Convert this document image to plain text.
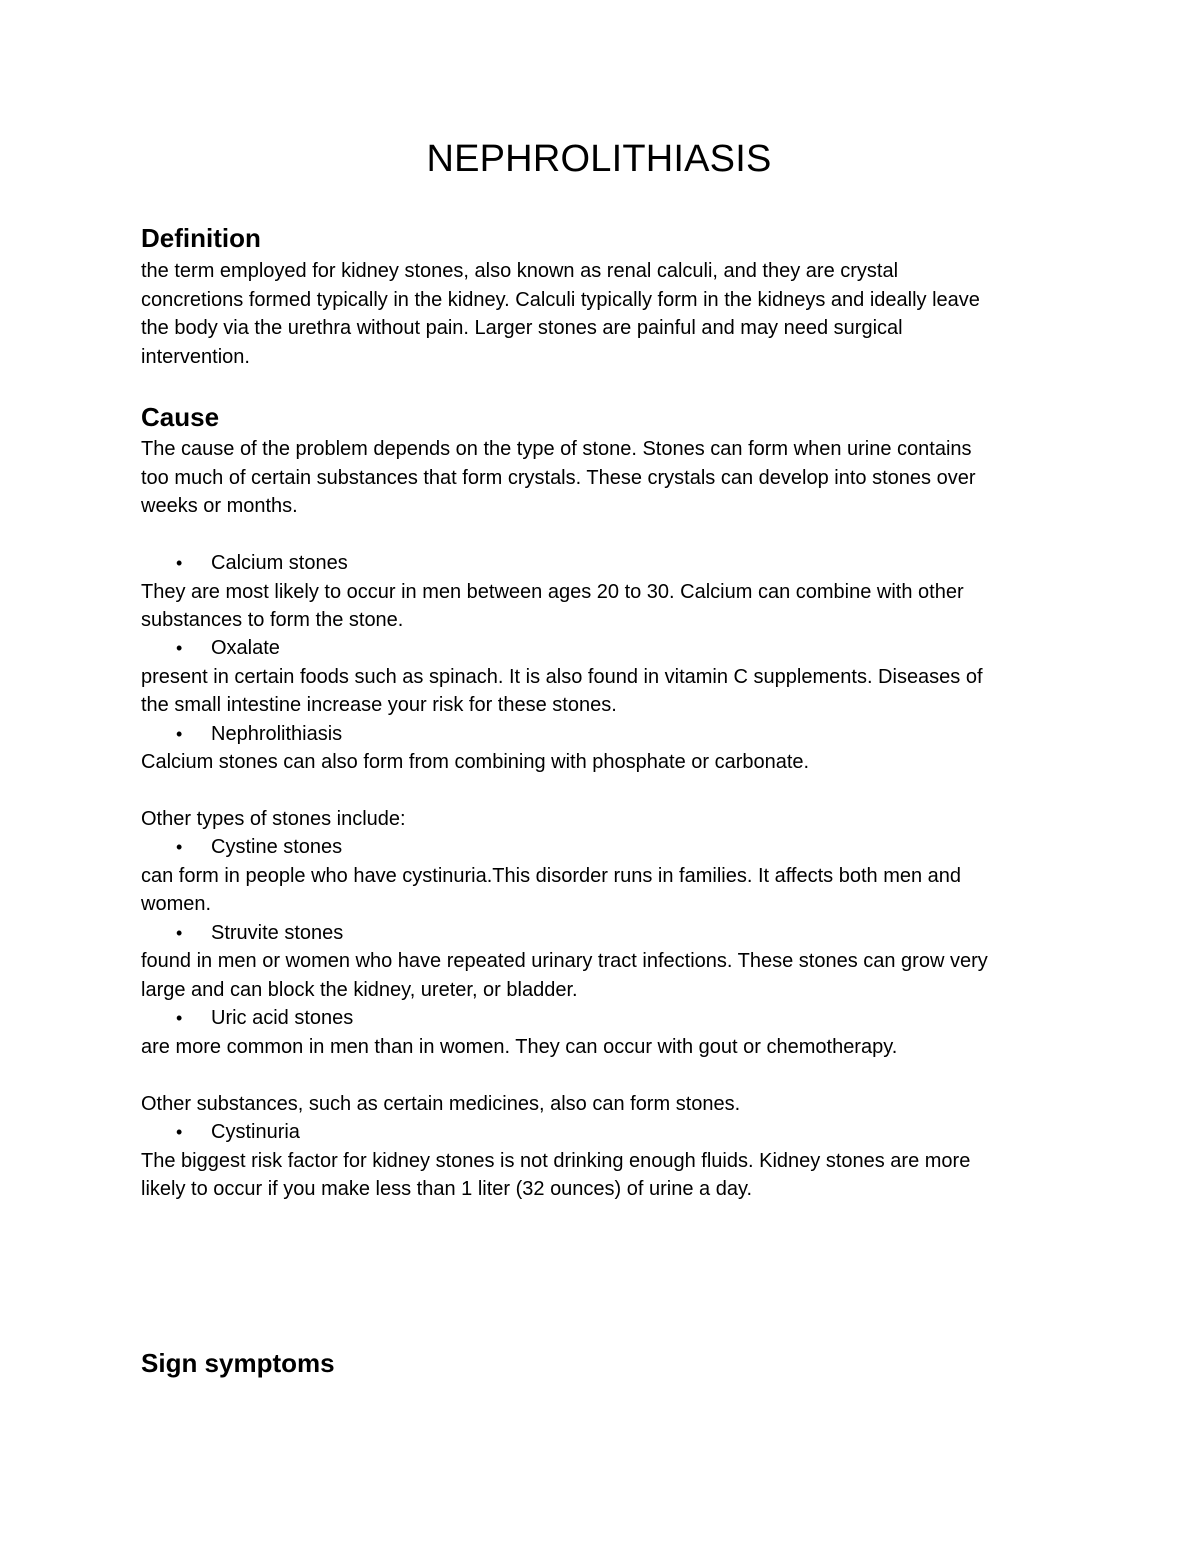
NEPHROLITHIASIS
Definition

the term employed for kidney stones, also known as renal calculi, and they are crystal

concretions formed typically in the kidney. Calculi typically form in the kidneys and ideally leave

the body via the urethra without pain. Larger stones are painful and may need surgical

intervention.

Cause

The cause of the problem depends on the type of stone. Stones can form when urine contains

too much of certain substances that form crystals. These crystals can develop into stones over

weeks or months.

• Calcium stones

They are most likely to occur in men between ages 20 to 30. Calcium can combine with other

substances to form the stone.

• Oxalate

present in certain foods such as spinach. It is also found in vitamin C supplements. Diseases of

the small intestine increase your risk for these stones.

• Nephrolithiasis

Calcium stones can also form from combining with phosphate or carbonate.

Other types of stones include:

• Cystine stones

can form in people who have cystinuria.This disorder runs in families. It affects both men and

women.

• Struvite stones

found in men or women who have repeated urinary tract infections. These stones can grow very

large and can block the kidney, ureter, or bladder.

• Uric acid stones

are more common in men than in women. They can occur with gout or chemotherapy.

Other substances, such as certain medicines, also can form stones.

• Cystinuria

The biggest risk factor for kidney stones is not drinking enough fluids. Kidney stones are more

likely to occur if you make less than 1 liter (32 ounces) of urine a day.

Sign symptoms
